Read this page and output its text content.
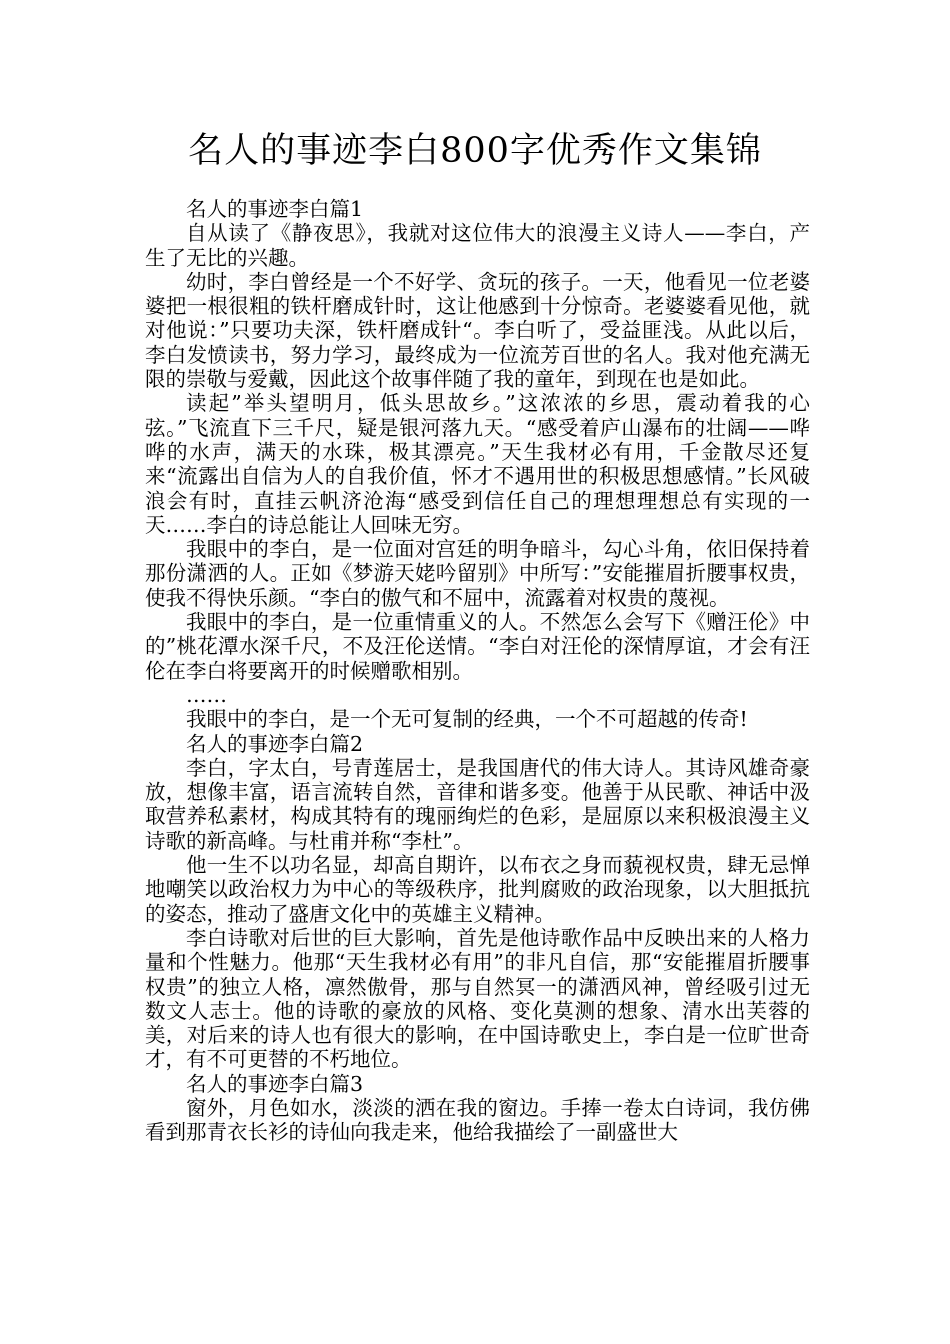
名人的事迹李白800字优秀作文集锦

名人的事迹李白篇1

自从读了《静夜思》，我就对这位伟大的浪漫主义诗人——李白，产生了无比的兴趣。

幼时，李白曾经是一个不好学、贪玩的孩子。一天，他看见一位老婆婆把一根很粗的铁杆磨成针时，这让他感到十分惊奇。老婆婆看见他，就对他说：”只要功夫深，铁杆磨成针“。李白听了，受益匪浅。从此以后，李白发愤读书，努力学习，最终成为一位流芳百世的名人。我对他充满无限的崇敬与爱戴，因此这个故事伴随了我的童年，到现在也是如此。

读起”举头望明月，低头思故乡。”这浓浓的乡思，震动着我的心弦。”飞流直下三千尺，疑是银河落九天。“感受着庐山瀑布的壮阔——哗哗的水声，满天的水珠，极其漂亮。”天生我材必有用，千金散尽还复来“流露出自信为人的自我价值，怀才不遇用世的积极思想感情。”长风破浪会有时，直挂云帆济沧海“感受到信任自己的理想理想总有实现的一天……李白的诗总能让人回味无穷。

我眼中的李白，是一位面对宫廷的明争暗斗，勾心斗角，依旧保持着那份潇洒的人。正如《梦游天姥吟留别》中所写：”安能摧眉折腰事权贵，使我不得快乐颜。“李白的傲气和不屈中，流露着对权贵的蔑视。

我眼中的李白，是一位重情重义的人。不然怎么会写下《赠汪伦》中的”桃花潭水深千尺，不及汪伦送情。“李白对汪伦的深情厚谊，才会有汪伦在李白将要离开的时候赠歌相别。

……

我眼中的李白，是一个无可复制的经典，一个不可超越的传奇!

名人的事迹李白篇2

李白，字太白，号青莲居士，是我国唐代的伟大诗人。其诗风雄奇豪放，想像丰富，语言流转自然，音律和谐多变。他善于从民歌、神话中汲取营养私素材，构成其特有的瑰丽绚烂的色彩，是屈原以来积极浪漫主义诗歌的新高峰。与杜甫并称“李杜”。

他一生不以功名显，却高自期许，以布衣之身而藐视权贵，肆无忌惮地嘲笑以政治权力为中心的等级秩序，批判腐败的政治现象，以大胆抵抗的姿态，推动了盛唐文化中的英雄主义精神。

李白诗歌对后世的巨大影响，首先是他诗歌作品中反映出来的人格力量和个性魅力。他那“天生我材必有用”的非凡自信，那“安能摧眉折腰事权贵”的独立人格，凛然傲骨，那与自然冥一的潇洒风神，曾经吸引过无数文人志士。他的诗歌的豪放的风格、变化莫测的想象、清水出芙蓉的美，对后来的诗人也有很大的影响，在中国诗歌史上，李白是一位旷世奇才，有不可更替的不朽地位。

名人的事迹李白篇3

窗外，月色如水，淡淡的洒在我的窗边。手捧一卷太白诗词，我仿佛看到那青衣长衫的诗仙向我走来，他给我描绘了一副盛世大
